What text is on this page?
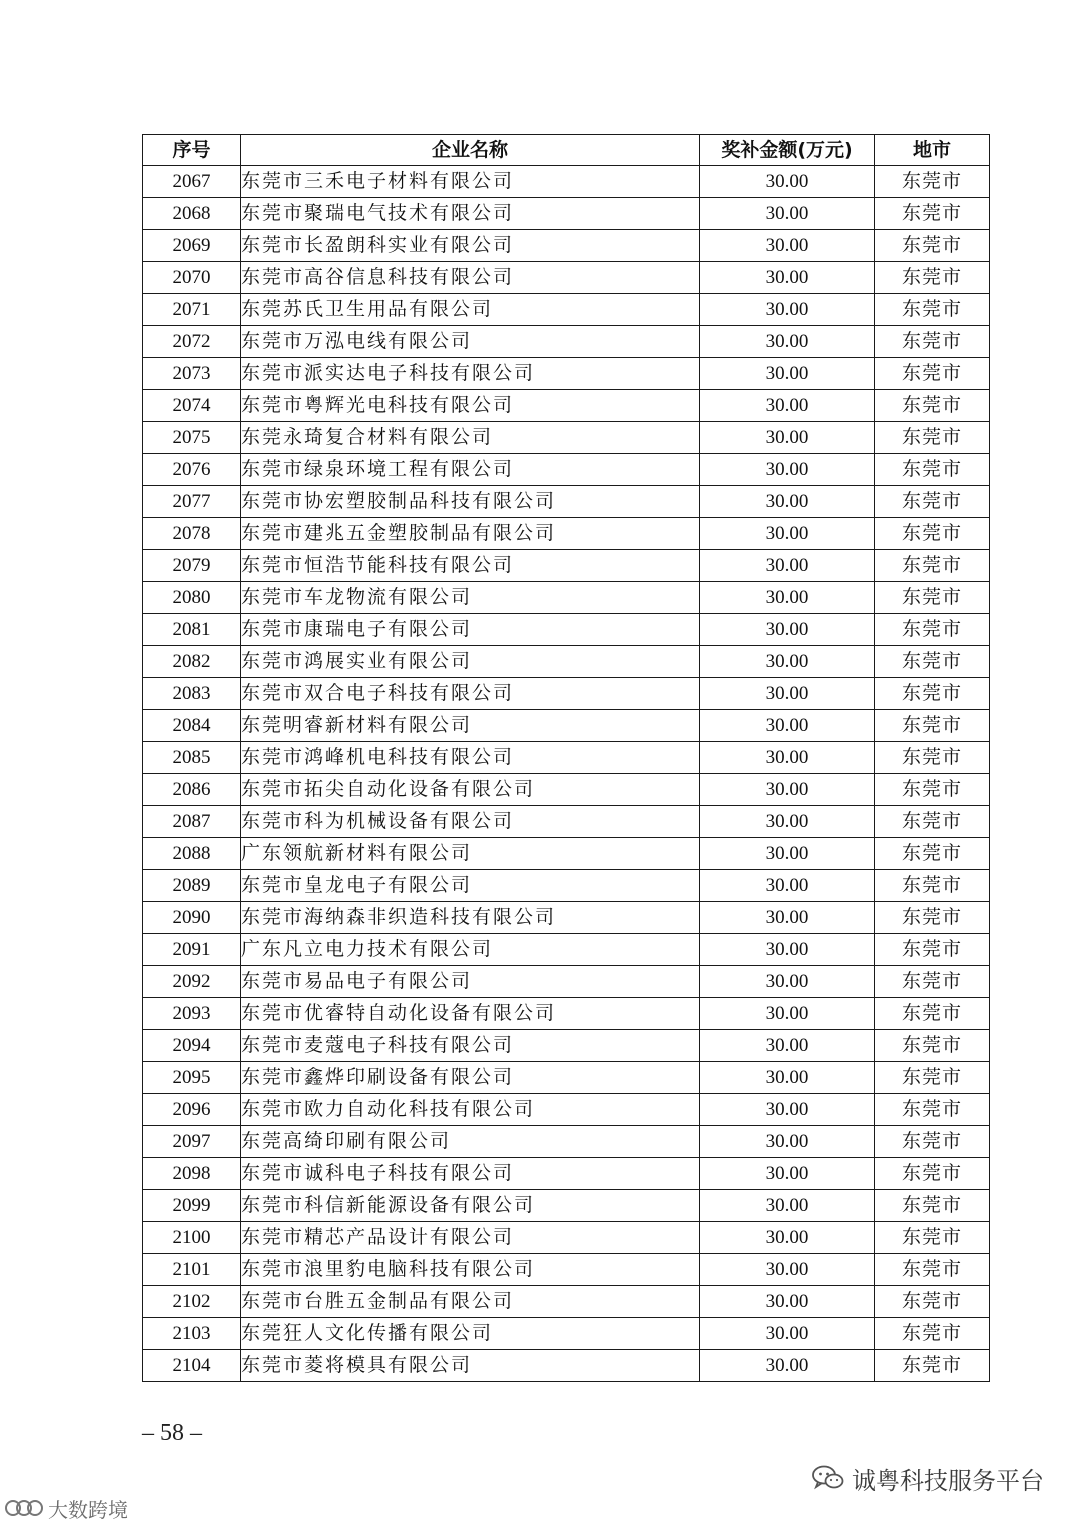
序号	企业名称	奖补金额(万元)	地市
2067	东莞市三禾电子材料有限公司	30.00	东莞市
2068	东莞市聚瑞电气技术有限公司	30.00	东莞市
2069	东莞市长盈朗科实业有限公司	30.00	东莞市
2070	东莞市高谷信息科技有限公司	30.00	东莞市
2071	东莞苏氏卫生用品有限公司	30.00	东莞市
2072	东莞市万泓电线有限公司	30.00	东莞市
2073	东莞市派实达电子科技有限公司	30.00	东莞市
2074	东莞市粤辉光电科技有限公司	30.00	东莞市
2075	东莞永琦复合材料有限公司	30.00	东莞市
2076	东莞市绿泉环境工程有限公司	30.00	东莞市
2077	东莞市协宏塑胶制品科技有限公司	30.00	东莞市
2078	东莞市建兆五金塑胶制品有限公司	30.00	东莞市
2079	东莞市恒浩节能科技有限公司	30.00	东莞市
2080	东莞市车龙物流有限公司	30.00	东莞市
2081	东莞市康瑞电子有限公司	30.00	东莞市
2082	东莞市鸿展实业有限公司	30.00	东莞市
2083	东莞市双合电子科技有限公司	30.00	东莞市
2084	东莞明睿新材料有限公司	30.00	东莞市
2085	东莞市鸿峰机电科技有限公司	30.00	东莞市
2086	东莞市拓尖自动化设备有限公司	30.00	东莞市
2087	东莞市科为机械设备有限公司	30.00	东莞市
2088	广东领航新材料有限公司	30.00	东莞市
2089	东莞市皇龙电子有限公司	30.00	东莞市
2090	东莞市海纳森非织造科技有限公司	30.00	东莞市
2091	广东凡立电力技术有限公司	30.00	东莞市
2092	东莞市易品电子有限公司	30.00	东莞市
2093	东莞市优睿特自动化设备有限公司	30.00	东莞市
2094	东莞市麦蔻电子科技有限公司	30.00	东莞市
2095	东莞市鑫烨印刷设备有限公司	30.00	东莞市
2096	东莞市欧力自动化科技有限公司	30.00	东莞市
2097	东莞高绮印刷有限公司	30.00	东莞市
2098	东莞市诚科电子科技有限公司	30.00	东莞市
2099	东莞市科信新能源设备有限公司	30.00	东莞市
2100	东莞市精芯产品设计有限公司	30.00	东莞市
2101	东莞市浪里豹电脑科技有限公司	30.00	东莞市
2102	东莞市台胜五金制品有限公司	30.00	东莞市
2103	东莞狂人文化传播有限公司	30.00	东莞市
2104	东莞市菱将模具有限公司	30.00	东莞市
– 58 –
诚粤科技服务平台
大数跨境
